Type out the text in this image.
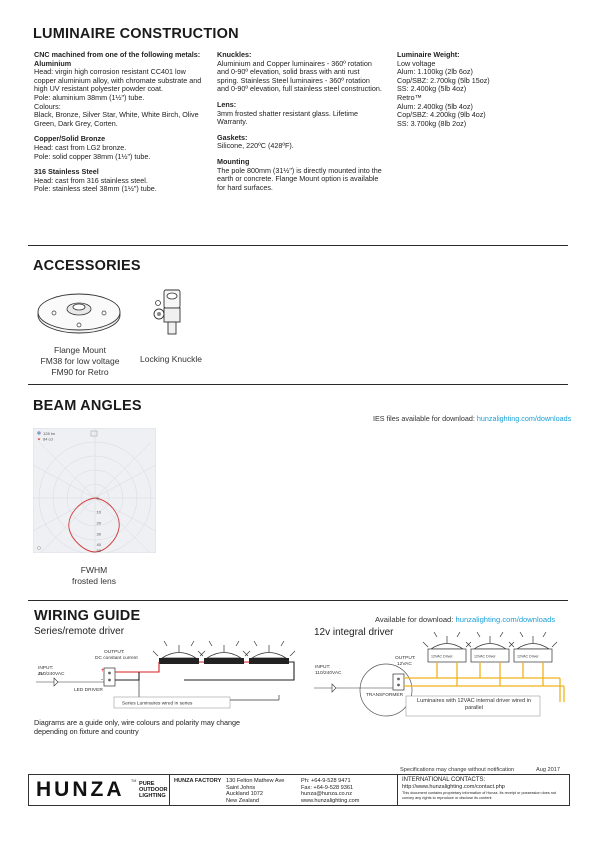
LUMINAIRE CONSTRUCTION

CNC machined from one of the following metals:

Aluminium

Head: virgin high corrosion resistant CC401 low copper aluminium alloy, with chromate substrate and high UV resistant polyester powder coat.

Pole: aluminium 38mm (1½") tube.

Colours:

Black, Bronze, Silver Star, White, White Birch, Olive Green, Dark Grey, Corten.

Copper/Solid Bronze

Head: cast from LG2 bronze.

Pole: solid copper 38mm (1½") tube.

316 Stainless Steel

Head: cast from 316 stainless steel.

Pole: stainless steel 38mm (1½") tube.

Knuckles:

Aluminium and Copper luminaires - 360º rotation and 0-90º elevation, solid brass with anti rust spring. Stainless Steel luminaires - 360º rotation and 0-90º elevation, full stainless steel construction.

Lens:

3mm frosted shatter resistant glass. Lifetime Warranty.

Gaskets:

Silicone, 220ºC (428ºF).

Mounting

The pole 800mm (31½") is directly mounted into the earth or concrete. Flange Mount option is available for hard surfaces.

Luminaire Weight:

Low voltage

Alum: 1.100kg (2lb 6oz)

Cop/SBZ: 2.700kg (5lb 15oz)

SS: 2.400kg (5lb 4oz)

Retro™

Alum: 2.400kg (5lb 4oz)

Cop/SBZ: 4.200kg (9lb 4oz)

SS: 3.700kg (8lb 2oz)

ACCESSORIES
Flange Mount
FM38 for low voltage
FM90 for Retro
Locking Knuckle
BEAM ANGLES
IES files available for download: hunzalighting.com/downloads
128 lm
84 cd
0
10
20
30
40
50
FWHM
frosted lens
WIRING GUIDE	Available for download: hunzalighting.com/downloads
Series/remote driver	12v integral driver
+
-
INPUT:
110/240VAC
OUTPUT:
DC constant current
LED DRIVER
Series Luminaires wired in series
12VAC Driver	12VAC Driver	12VAC Driver
INPUT:
110/240VAC
OUTPUT:
12VAC
TRANSFORMER
Luminaires with 12VAC internal driver wired in parallel
Diagrams are a guide only, wire colours and polarity may change depending on fixture and country
Specifications may change without notification	Aug 2017
HUNZA TM PURE
OUTDOOR
LIGHTING
HUNZA FACTORY 130 Felton Mathew Ave
Saint Johns
Auckland 1072
New Zealand
Ph: +64-9-528 9471
Fax: +64-9-528 9361
hunza@hunza.co.nz
www.hunzalighting.com
INTERNATIONAL CONTACTS:
http://www.hunzalighting.com/contact.php
This document contains proprietary information of Hunza. Its receipt or possession does not convey any rights to reproduce or disclose its content.
